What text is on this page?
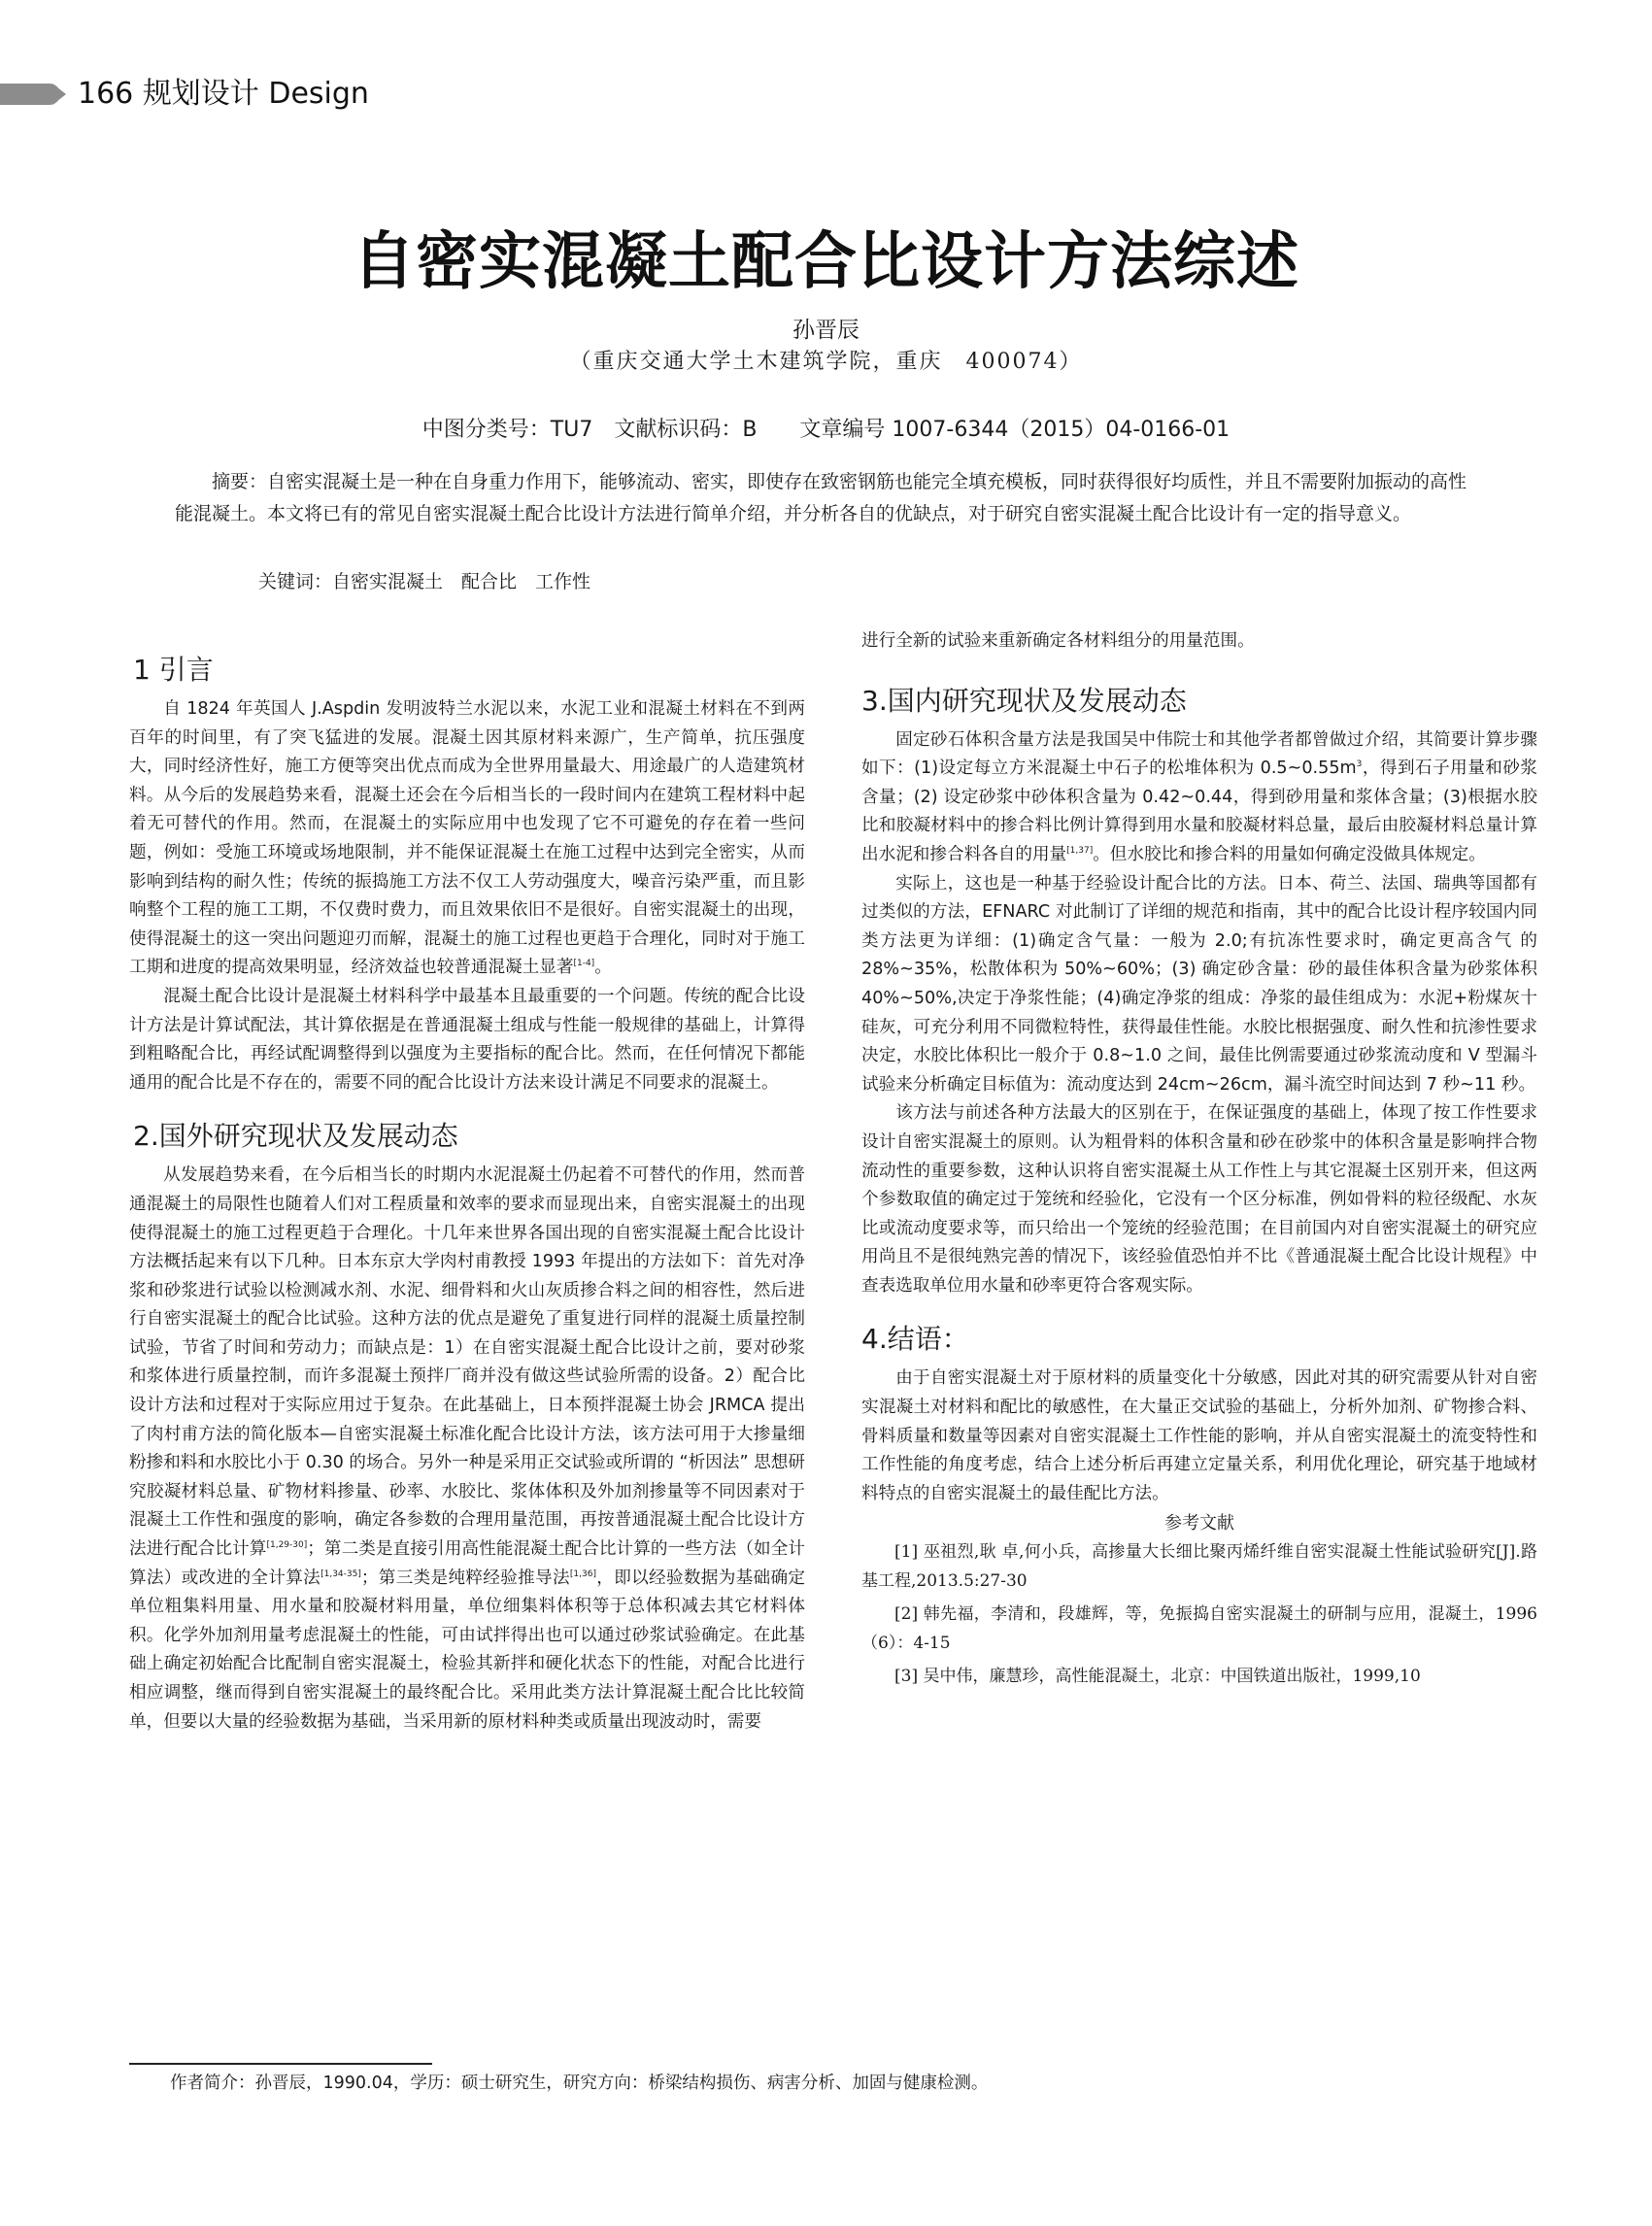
166 规划设计 Design
自密实混凝土配合比设计方法综述
孙晋辰
（重庆交通大学土木建筑学院，重庆　400074）
中图分类号：TU7　文献标识码：B　　文章编号 1007-6344（2015）04-0166-01

摘要：自密实混凝土是一种在自身重力作用下，能够流动、密实，即使存在致密钢筋也能完全填充模板，同时获得很好均质性，并且不需要附加振动的高性能混凝土。本文将已有的常见自密实混凝土配合比设计方法进行简单介绍，并分析各自的优缺点，对于研究自密实混凝土配合比设计有一定的指导意义。

关键词：自密实混凝土　配合比　工作性
1 引言

自 1824 年英国人 J.Aspdin 发明波特兰水泥以来，水泥工业和混凝土材料在不到两百年的时间里，有了突飞猛进的发展。混凝土因其原材料来源广，生产简单，抗压强度大，同时经济性好，施工方便等突出优点而成为全世界用量最大、用途最广的人造建筑材料。从今后的发展趋势来看，混凝土还会在今后相当长的一段时间内在建筑工程材料中起着无可替代的作用。然而，在混凝土的实际应用中也发现了它不可避免的存在着一些问题，例如：受施工环境或场地限制，并不能保证混凝土在施工过程中达到完全密实，从而影响到结构的耐久性；传统的振捣施工方法不仅工人劳动强度大，噪音污染严重，而且影响整个工程的施工工期，不仅费时费力，而且效果依旧不是很好。自密实混凝土的出现，使得混凝土的这一突出问题迎刃而解，混凝土的施工过程也更趋于合理化，同时对于施工工期和进度的提高效果明显，经济效益也较普通混凝土显著[1-4]。

混凝土配合比设计是混凝土材料科学中最基本且最重要的一个问题。传统的配合比设计方法是计算试配法，其计算依据是在普通混凝土组成与性能一般规律的基础上，计算得到粗略配合比，再经试配调整得到以强度为主要指标的配合比。然而，在任何情况下都能通用的配合比是不存在的，需要不同的配合比设计方法来设计满足不同要求的混凝土。

2.国外研究现状及发展动态

从发展趋势来看，在今后相当长的时期内水泥混凝土仍起着不可替代的作用，然而普通混凝土的局限性也随着人们对工程质量和效率的要求而显现出来，自密实混凝土的出现使得混凝土的施工过程更趋于合理化。十几年来世界各国出现的自密实混凝土配合比设计方法概括起来有以下几种。日本东京大学肉村甫教授 1993 年提出的方法如下：首先对净浆和砂浆进行试验以检测减水剂、水泥、细骨料和火山灰质掺合料之间的相容性，然后进行自密实混凝土的配合比试验。这种方法的优点是避免了重复进行同样的混凝土质量控制试验，节省了时间和劳动力；而缺点是：1）在自密实混凝土配合比设计之前，要对砂浆和浆体进行质量控制，而许多混凝土预拌厂商并没有做这些试验所需的设备。2）配合比设计方法和过程对于实际应用过于复杂。在此基础上，日本预拌混凝土协会 JRMCA 提出了肉村甫方法的简化版本—自密实混凝土标准化配合比设计方法，该方法可用于大掺量细粉掺和料和水胶比小于 0.30 的场合。另外一种是采用正交试验或所谓的 “析因法” 思想研究胶凝材料总量、矿物材料掺量、砂率、水胶比、浆体体积及外加剂掺量等不同因素对于混凝土工作性和强度的影响，确定各参数的合理用量范围，再按普通混凝土配合比设计方法进行配合比计算[1,29-30]；第二类是直接引用高性能混凝土配合比计算的一些方法（如全计算法）或改进的全计算法[1,34-35]；第三类是纯粹经验推导法[1,36]，即以经验数据为基础确定单位粗集料用量、用水量和胶凝材料用量，单位细集料体积等于总体积减去其它材料体积。化学外加剂用量考虑混凝土的性能，可由试拌得出也可以通过砂浆试验确定。在此基础上确定初始配合比配制自密实混凝土，检验其新拌和硬化状态下的性能，对配合比进行相应调整，继而得到自密实混凝土的最终配合比。采用此类方法计算混凝土配合比比较简单，但要以大量的经验数据为基础，当采用新的原材料种类或质量出现波动时，需要

进行全新的试验来重新确定各材料组分的用量范围。

3.国内研究现状及发展动态

固定砂石体积含量方法是我国吴中伟院士和其他学者都曾做过介绍，其简要计算步骤如下：(1)设定每立方米混凝土中石子的松堆体积为 $0.5\sim 0.55m^3$，得到石子用量和砂浆含量；(2) 设定砂浆中砂体积含量为 0.42~0.44，得到砂用量和浆体含量；(3)根据水胶比和胶凝材料中的掺合料比例计算得到用水量和胶凝材料总量，最后由胶凝材料总量计算出水泥和掺合料各自的用量[1,37]。但水胶比和掺合料的用量如何确定没做具体规定。

实际上，这也是一种基于经验设计配合比的方法。日本、荷兰、法国、瑞典等国都有过类似的方法，EFNARC 对此制订了详细的规范和指南，其中的配合比设计程序较国内同类方法更为详细：(1)确定含气量：一般为 2.0;有抗冻性要求时，确定更高含气 的 28%~35%，松散体积为 50%~60%；(3) 确定砂含量：砂的最佳体积含量为砂浆体积 40%~50%,决定于净浆性能；(4)确定净浆的组成：净浆的最佳组成为：水泥+粉煤灰十硅灰，可充分利用不同微粒特性，获得最佳性能。水胶比根据强度、耐久性和抗渗性要求决定，水胶比体积比一般介于 0.8~1.0 之间，最佳比例需要通过砂浆流动度和 V 型漏斗试验来分析确定目标值为：流动度达到 24cm~26cm，漏斗流空时间达到 7 秒~11 秒。

该方法与前述各种方法最大的区别在于，在保证强度的基础上，体现了按工作性要求设计自密实混凝土的原则。认为粗骨料的体积含量和砂在砂浆中的体积含量是影响拌合物流动性的重要参数，这种认识将自密实混凝土从工作性上与其它混凝土区别开来，但这两个参数取值的确定过于笼统和经验化，它没有一个区分标准，例如骨料的粒径级配、水灰比或流动度要求等，而只给出一个笼统的经验范围；在目前国内对自密实混凝土的研究应用尚且不是很纯熟完善的情况下，该经验值恐怕并不比《普通混凝土配合比设计规程》中查表选取单位用水量和砂率更符合客观实际。

4.结语：

由于自密实混凝土对于原材料的质量变化十分敏感，因此对其的研究需要从针对自密实混凝土对材料和配比的敏感性，在大量正交试验的基础上，分析外加剂、矿物掺合料、骨料质量和数量等因素对自密实混凝土工作性能的影响，并从自密实混凝土的流变特性和工作性能的角度考虑，结合上述分析后再建立定量关系，利用优化理论，研究基于地域材料特点的自密实混凝土的最佳配比方法。

参考文献

[1] 巫祖烈,耿 卓,何小兵，高掺量大长细比聚丙烯纤维自密实混凝土性能试验研究[J].路基工程,2013.5:27-30

[2] 韩先福，李清和，段雄辉，等，免振捣自密实混凝土的研制与应用，混凝土，1996（6）：4-15

[3] 吴中伟，廉慧珍，高性能混凝土，北京：中国铁道出版社，1999,10

作者简介：孙晋辰，1990.04，学历：硕士研究生，研究方向：桥梁结构损伤、病害分析、加固与健康检测。
